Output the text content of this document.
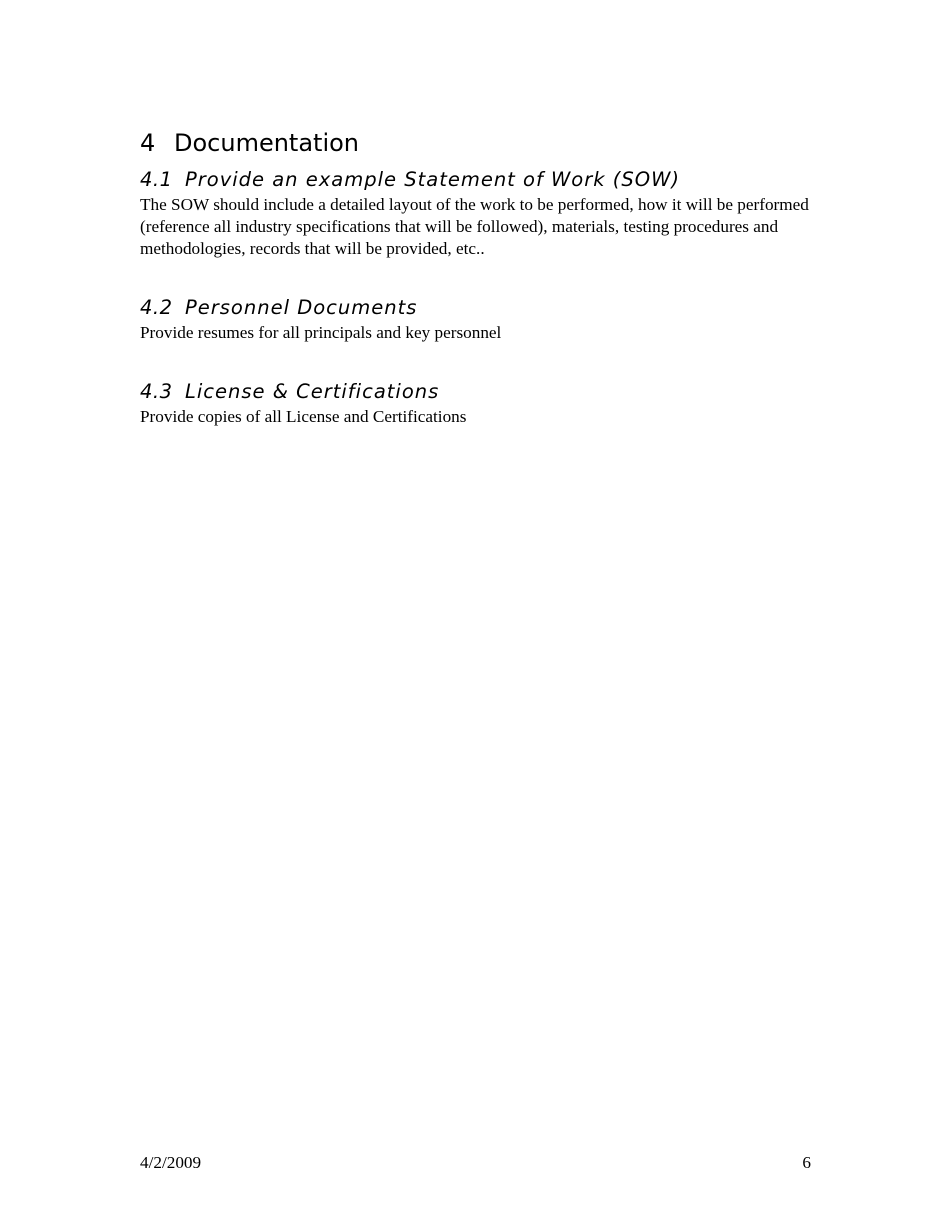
4 Documentation
4.1 Provide an example Statement of Work (SOW)

The SOW should include a detailed layout of the work to be performed, how it will be performed (reference all industry specifications that will be followed), materials, testing procedures and methodologies, records that will be provided, etc..

4.2 Personnel Documents

Provide resumes for all principals and key personnel

4.3 License & Certifications

Provide copies of all License and Certifications

4/2/2009	6
